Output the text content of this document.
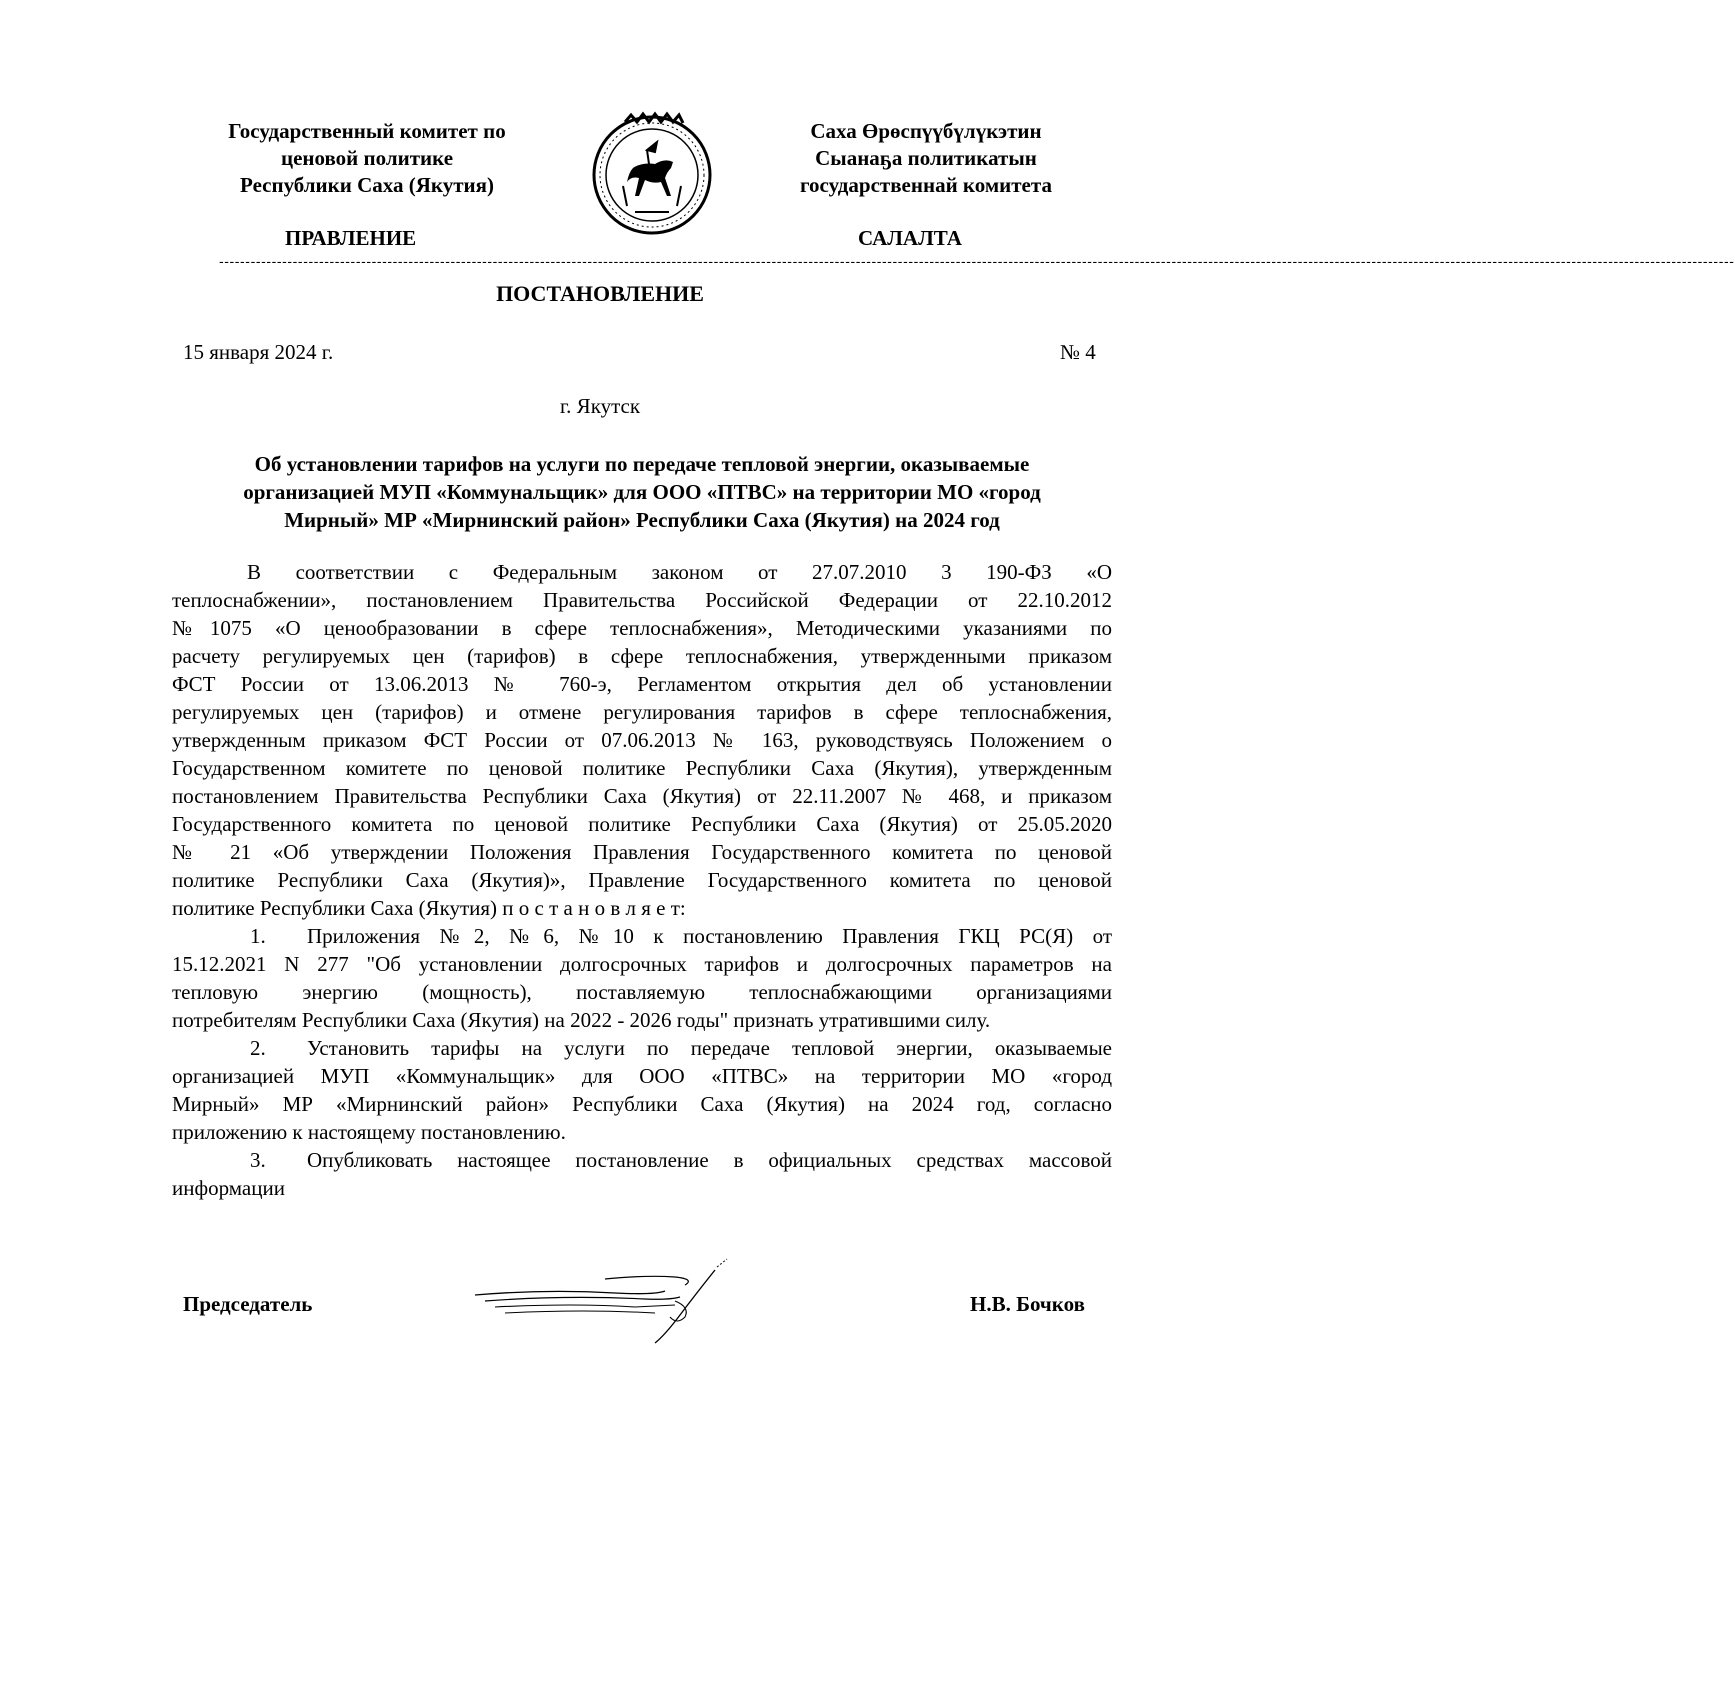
Государственный комитет по
ценовой политике
Республики Саха (Якутия)
ПРАВЛЕНИЕ
Саха Өрөспүүбүлүкэтин
Сыанаҕа политикатын
государственнай комитета
САЛАЛТА
------------------------------------------------------------------------------------------------------------------------------------------------------------------------------------------------------------------------------------------------------------------------------------------------
ПОСТАНОВЛЕНИЕ
15 января 2024 г.	№ 4
г. Якутск
Об установлении тарифов на услуги по передаче тепловой энергии, оказываемые
организацией МУП «Коммунальщик» для ООО «ПТВС» на территории МО «город
Мирный» МР «Мирнинский район» Республики Саха (Якутия) на 2024 год
В соответствии с Федеральным законом от 27.07.2010 3 190-ФЗ «О
теплоснабжении», постановлением Правительства Российской Федерации от 22.10.2012
№1075 «О ценообразовании в сфере теплоснабжения», Методическими указаниями по
расчету регулируемых цен (тарифов) в сфере теплоснабжения, утвержденными приказом
ФСТ России от 13.06.2013 № 760-э, Регламентом открытия дел об установлении
регулируемых цен (тарифов) и отмене регулирования тарифов в сфере теплоснабжения,
утвержденным приказом ФСТ России от 07.06.2013 № 163, руководствуясь Положением о
Государственном комитете по ценовой политике Республики Саха (Якутия), утвержденным
постановлением Правительства Республики Саха (Якутия) от 22.11.2007 № 468, и приказом
Государственного комитета по ценовой политике Республики Саха (Якутия) от 25.05.2020
№ 21 «Об утверждении Положения Правления Государственного комитета по ценовой
политике Республики Саха (Якутия)», Правление Государственного комитета по ценовой
политике Республики Саха (Якутия) п о с т а н о в л я е т:
1. Приложения №2, №6, №10 к постановлению Правления ГКЦ РС(Я) от
15.12.2021 N 277 "Об установлении долгосрочных тарифов и долгосрочных параметров на
тепловую энергию (мощность), поставляемую теплоснабжающими организациями
потребителям Республики Саха (Якутия) на 2022 - 2026 годы" признать утратившими силу.
2. Установить тарифы на услуги по передаче тепловой энергии, оказываемые
организацией МУП «Коммунальщик» для ООО «ПТВС» на территории МО «город
Мирный» МР «Мирнинский район» Республики Саха (Якутия) на 2024 год, согласно
приложению к настоящему постановлению.
3. Опубликовать настоящее постановление в официальных средствах массовой
информации
Председатель	Н.В. Бочков
